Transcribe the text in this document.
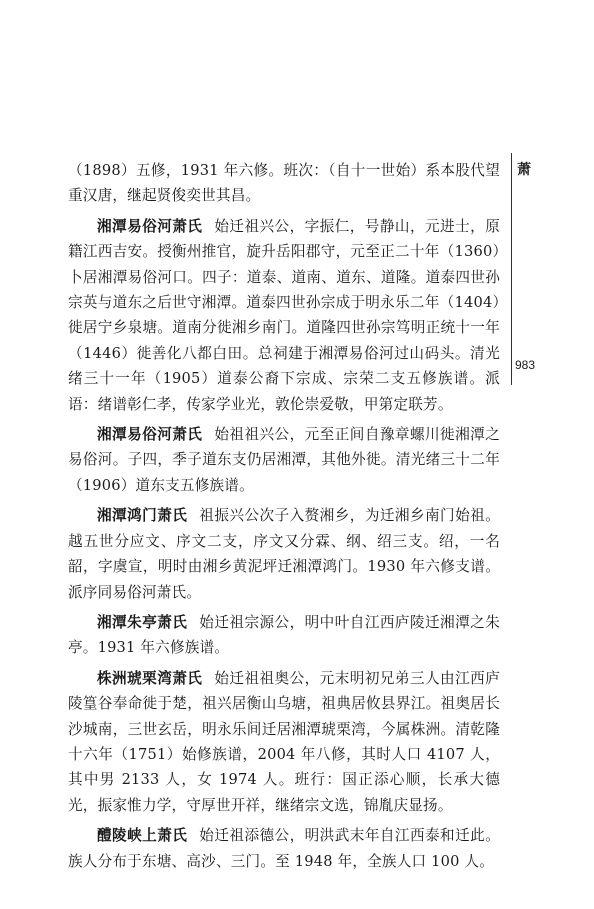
萧
983

（1898）五修，1931 年六修。班次：（自十一世始）系本股代望重汉唐，继起贤俊奕世其昌。

湘潭易俗河萧氏 始迁祖兴公，字振仁，号静山，元进士，原籍江西吉安。授衡州推官，旋升岳阳郡守，元至正二十年（1360）卜居湘潭易俗河口。四子：道泰、道南、道东、道隆。道泰四世孙宗英与道东之后世守湘潭。道泰四世孙宗成于明永乐二年（1404）徙居宁乡泉塘。道南分徙湘乡南门。道隆四世孙宗笃明正统十一年（1446）徙善化八都白田。总祠建于湘潭易俗河过山码头。清光绪三十一年（1905）道泰公裔下宗成、宗荣二支五修族谱。派语：绪谱彰仁孝，传家学业光，敦伦崇爱敬，甲第定联芳。

湘潭易俗河萧氏 始祖祖兴公，元至正间自豫章螺川徙湘潭之易俗河。子四，季子道东支仍居湘潭，其他外徙。清光绪三十二年（1906）道东支五修族谱。

湘潭鸿门萧氏 祖振兴公次子入赘湘乡，为迁湘乡南门始祖。越五世分应文、序文二支，序文又分霖、纲、绍三支。绍，一名韶，字虞宣，明时由湘乡黄泥坪迁湘潭鸿门。1930 年六修支谱。派序同易俗河萧氏。

湘潭朱亭萧氏 始迁祖宗源公，明中叶自江西庐陵迁湘潭之朱亭。1931 年六修族谱。

株洲琥栗湾萧氏 始迁祖祖奥公，元末明初兄弟三人由江西庐陵篁谷奉命徙于楚，祖兴居衡山乌塘，祖典居攸县界江。祖奥居长沙城南，三世玄岳，明永乐间迁居湘潭琥栗湾，今属株洲。清乾隆十六年（1751）始修族谱，2004 年八修，其时人口 4107 人，其中男 2133 人，女 1974 人。班行：国正添心顺，长承大德光，振家惟力学，守厚世开祥，继绪宗文选，锦胤庆显扬。

醴陵峡上萧氏 始迁祖添德公，明洪武末年自江西泰和迁此。族人分布于东塘、高沙、三门。至 1948 年，全族人口 100 人。
